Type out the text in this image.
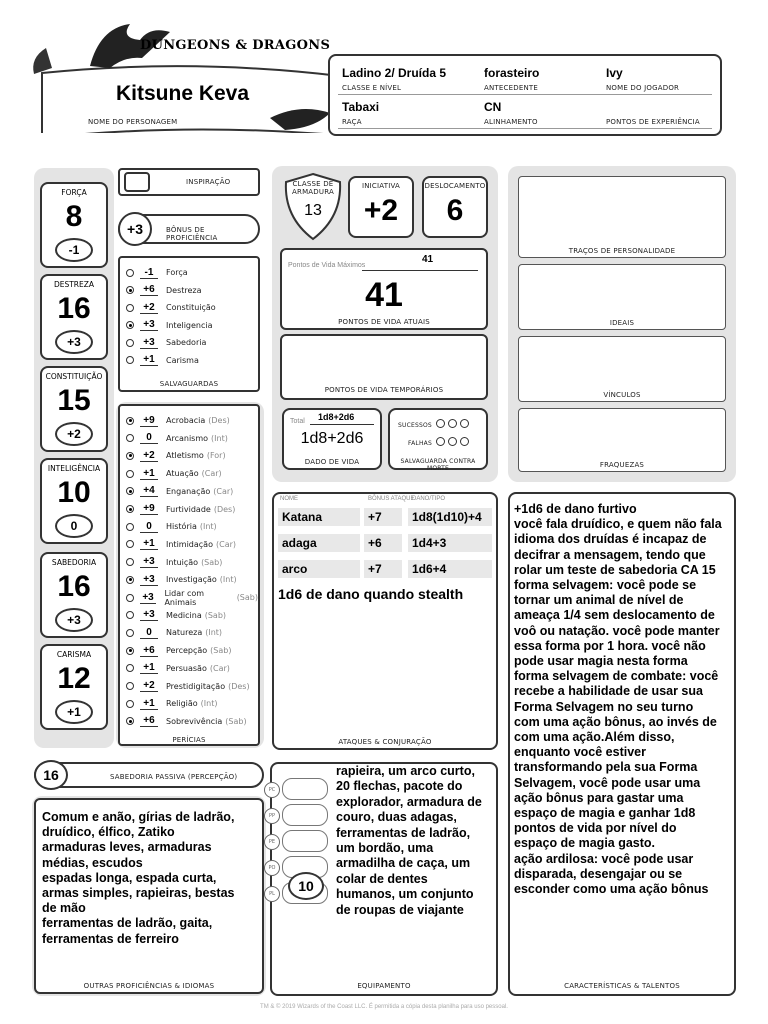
DUNGEONS & DRAGONS
Kitsune Keva
NOME DO PERSONAGEM
Ladino 2/ Druída 5
CLASSE E NÍVEL
forasteiro
ANTECEDENTE
Ivy
NOME DO JOGADOR
Tabaxi
RAÇA
CN
ALINHAMENTO	PONTOS DE EXPERIÊNCIA
FORÇA
8
-1
DESTREZA
16
+3
CONSTITUIÇÃO
15
+2
INTELIGÊNCIA
10
0
SABEDORIA
16
+3
CARISMA
12
+1
INSPIRAÇÃO
+3	BÔNUS DE PROFICIÊNCIA
-1	Força
+6	Destreza
+2	Constituição
+3	Inteligencia
+3	Sabedoria
+1	Carisma
SALVAGUARDAS
+9	Acrobacia (Des)
0	Arcanismo (Int)
+2	Atletismo (For)
+1	Atuação (Car)
+4	Enganação (Car)
+9	Furtividade (Des)
0	História (Int)
+1	Intimidação (Car)
+3	Intuição (Sab)
+3	Investigação (Int)
+3	Lidar com Animais	(Sab)
+3	Medicina (Sab)
0	Natureza (Int)
+6	Percepção (Sab)
+1	Persuasão (Car)
+2	Prestidigitação (Des)
+1	Religião (Int)
+6	Sobrevivência (Sab)
PERÍCIAS
16	SABEDORIA PASSIVA (PERCEPÇÃO)
Comum e anão, gírias de ladrão,
druídico, élfico, Zatiko
armaduras leves, armaduras
médias, escudos
espadas longa, espada curta,
armas simples, rapieiras, bestas
de mão
ferramentas de ladrão, gaita,
ferramentas de ferreiro
OUTRAS PROFICIÊNCIAS & IDIOMAS
CLASSE DE ARMADURA
13
INICIATIVA
+2
DESLOCAMENTO
6
Pontos de Vida Máximos
41
41
PONTOS DE VIDA ATUAIS
PONTOS DE VIDA TEMPORÁRIOS
Total 1d8+2d6
1d8+2d6
DADO DE VIDA
SUCESSOS
FALHAS
SALVAGUARDA CONTRA MORTE
NOME	BÔNUS ATAQUE
DANO/TIPO
Katana	+7	1d8(1d10)+4
adaga	+6	1d4+3
arco	+7	1d6+4
1d6 de dano quando stealth
ATAQUES & CONJURAÇÃO
PC
PP
PE
PO
PL	10
rapieira, um arco curto,
20 flechas, pacote do
explorador, armadura de
couro, duas adagas,
ferramentas de ladrão,
um bordão, uma
armadilha de caça, um
colar de dentes
humanos, um conjunto
de roupas de viajante
EQUIPAMENTO
TRAÇOS DE PERSONALIDADE
IDEAIS
VÍNCULOS
FRAQUEZAS
+1d6 de dano furtivo
você fala druídico, e quem não fala
idioma dos druídas é incapaz de
decifrar a mensagem, tendo que
rolar um teste de sabedoria CA 15
forma selvagem: você pode se
tornar um animal de nível de
ameaça 1/4 sem deslocamento de
voô ou natação. você pode manter
essa forma por 1 hora. você não
pode usar magia nesta forma
forma selvagem de combate: você
recebe a habilidade de usar sua
Forma Selvagem no seu turno
com uma ação bônus, ao invés de
com uma ação.Além disso,
enquanto você estiver
transformando pela sua Forma
Selvagem, você pode usar uma
ação bônus para gastar uma
espaço de magia e ganhar 1d8
pontos de vida por nível do
espaço de magia gasto.
ação ardilosa: você pode usar
disparada, desengajar ou se
esconder como uma ação bônus
CARACTERÍSTICAS & TALENTOS
TM & © 2019 Wizards of the Coast LLC. É permitida a cópia desta planilha para uso pessoal.
